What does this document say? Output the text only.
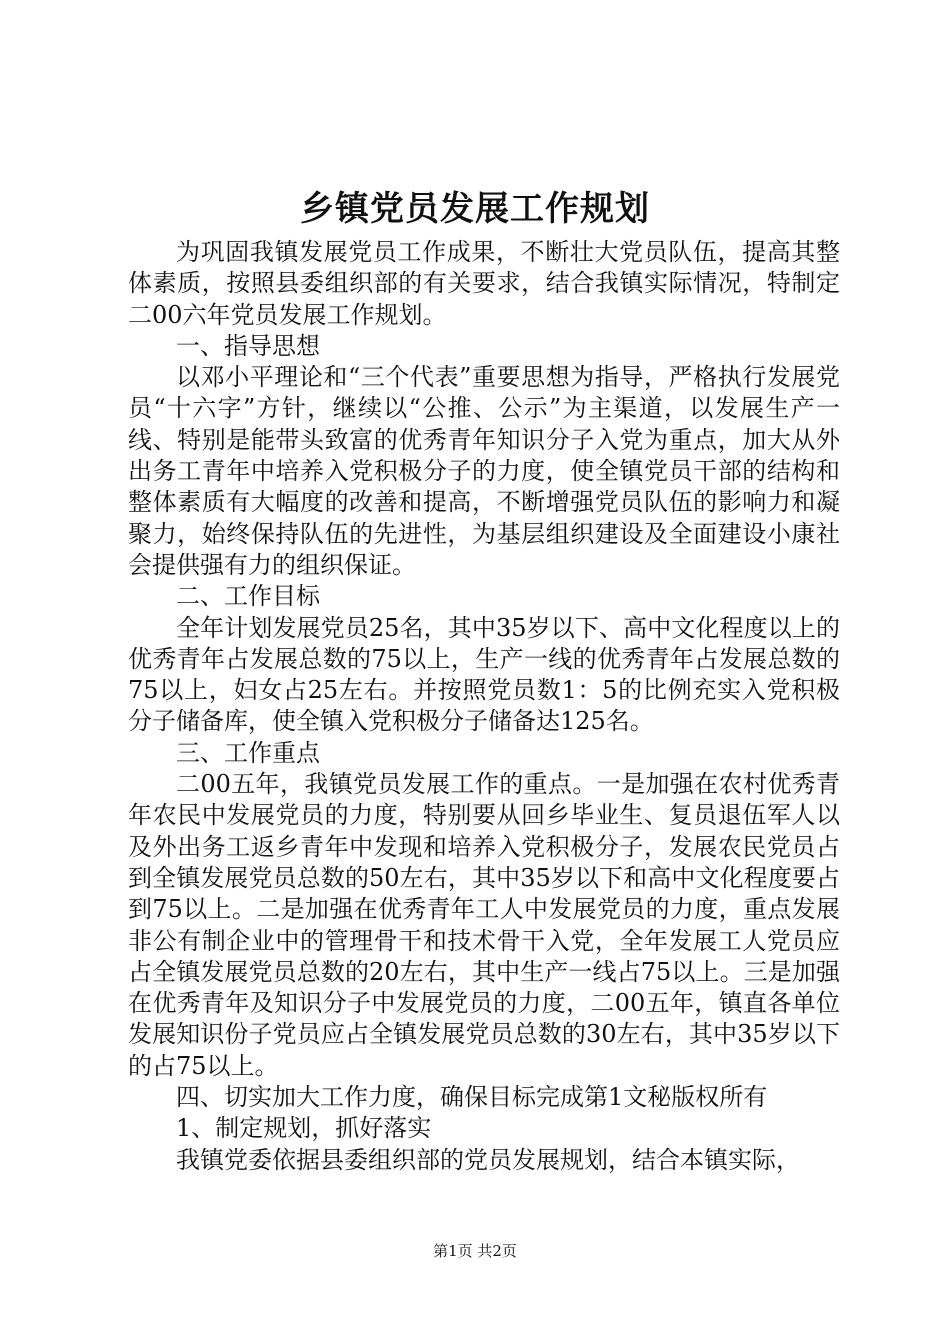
乡镇党员发展工作规划

为巩固我镇发展党员工作成果，不断壮大党员队伍，提高其整体素质，按照县委组织部的有关要求，结合我镇实际情况，特制定二00六年党员发展工作规划。

一、指导思想

以邓小平理论和“三个代表”重要思想为指导，严格执行发展党员“十六字”方针，继续以“公推、公示”为主渠道，以发展生产一线、特别是能带头致富的优秀青年知识分子入党为重点，加大从外出务工青年中培养入党积极分子的力度，使全镇党员干部的结构和整体素质有大幅度的改善和提高，不断增强党员队伍的影响力和凝聚力，始终保持队伍的先进性，为基层组织建设及全面建设小康社会提供强有力的组织保证。

二、工作目标

全年计划发展党员25名，其中35岁以下、高中文化程度以上的优秀青年占发展总数的75以上，生产一线的优秀青年占发展总数的75以上，妇女占25左右。并按照党员数1：5的比例充实入党积极分子储备库，使全镇入党积极分子储备达125名。

三、工作重点

二00五年，我镇党员发展工作的重点。一是加强在农村优秀青年农民中发展党员的力度，特别要从回乡毕业生、复员退伍军人以及外出务工返乡青年中发现和培养入党积极分子，发展农民党员占到全镇发展党员总数的50左右，其中35岁以下和高中文化程度要占到75以上。二是加强在优秀青年工人中发展党员的力度，重点发展非公有制企业中的管理骨干和技术骨干入党，全年发展工人党员应占全镇发展党员总数的20左右，其中生产一线占75以上。三是加强在优秀青年及知识分子中发展党员的力度，二00五年，镇直各单位发展知识份子党员应占全镇发展党员总数的30左右，其中35岁以下的占75以上。

四、切实加大工作力度，确保目标完成第1文秘版权所有

1、制定规划，抓好落实

我镇党委依据县委组织部的党员发展规划，结合本镇实际，

第1页 共2页
